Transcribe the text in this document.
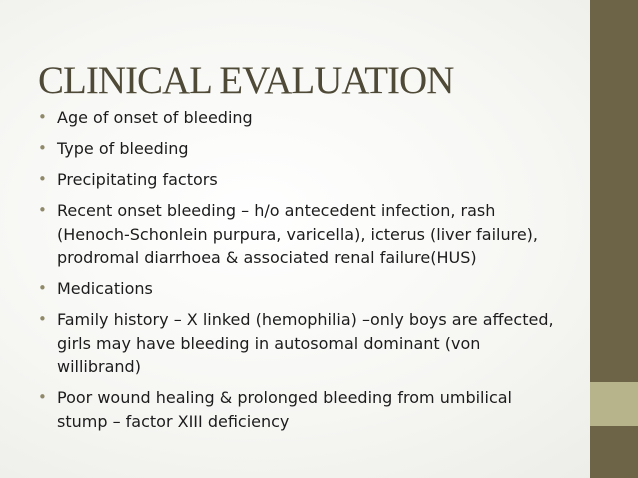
CLINICAL EVALUATION
• Age of onset of bleeding
• Type of bleeding
• Precipitating factors
• Recent onset bleeding – h/o antecedent infection, rash
(Henoch-Schonlein purpura, varicella), icterus (liver failure),
prodromal diarrhoea & associated renal failure(HUS)
• Medications
• Family history – X linked (hemophilia) –only boys are affected,
girls may have bleeding in autosomal dominant (von
willibrand)
• Poor wound healing & prolonged bleeding from umbilical
stump – factor XIII deficiency
